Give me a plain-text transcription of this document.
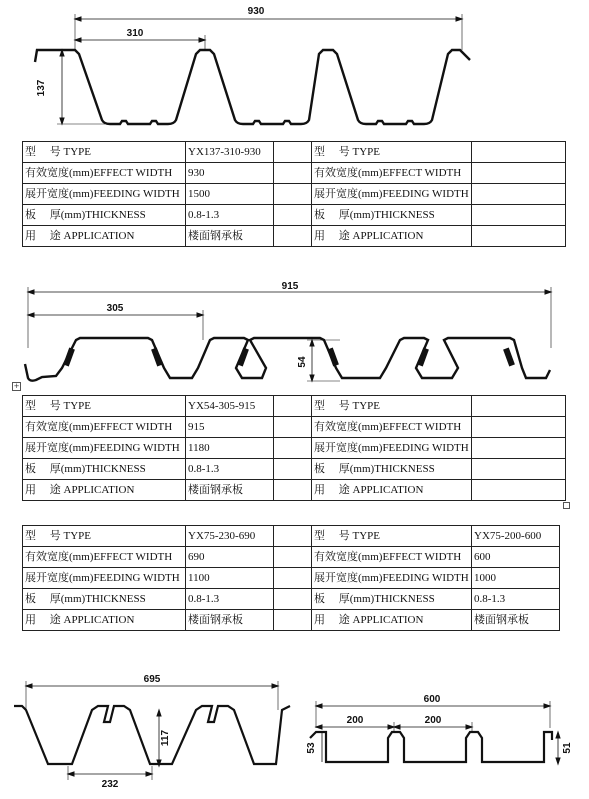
930
310
137
型　 号 TYPE	YX137-310-930		型　 号 TYPE	
有效宽度(mm)EFFECT WIDTH	930		有效宽度(mm)EFFECT WIDTH	
展开宽度(mm)FEEDING WIDTH	1500		展开宽度(mm)FEEDING WIDTH	
板　 厚(mm)THICKNESS	0.8-1.3		板　 厚(mm)THICKNESS	
用　 途 APPLICATION	楼面钢承板		用　 途 APPLICATION	
915
305
54
+
型　 号 TYPE	YX54-305-915		型　 号 TYPE	
有效宽度(mm)EFFECT WIDTH	915		有效宽度(mm)EFFECT WIDTH	
展开宽度(mm)FEEDING WIDTH	1180		展开宽度(mm)FEEDING WIDTH	
板　 厚(mm)THICKNESS	0.8-1.3		板　 厚(mm)THICKNESS	
用　 途 APPLICATION	楼面钢承板		用　 途 APPLICATION	
型　 号 TYPE	YX75-230-690		型　 号 TYPE	YX75-200-600
有效宽度(mm)EFFECT WIDTH	690		有效宽度(mm)EFFECT WIDTH	600
展开宽度(mm)FEEDING WIDTH	1100		展开宽度(mm)FEEDING WIDTH	1000
板　 厚(mm)THICKNESS	0.8-1.3		板　 厚(mm)THICKNESS	0.8-1.3
用　 途 APPLICATION	楼面钢承板		用　 途 APPLICATION	楼面钢承板
695
117
232
600
200	200
53	51
